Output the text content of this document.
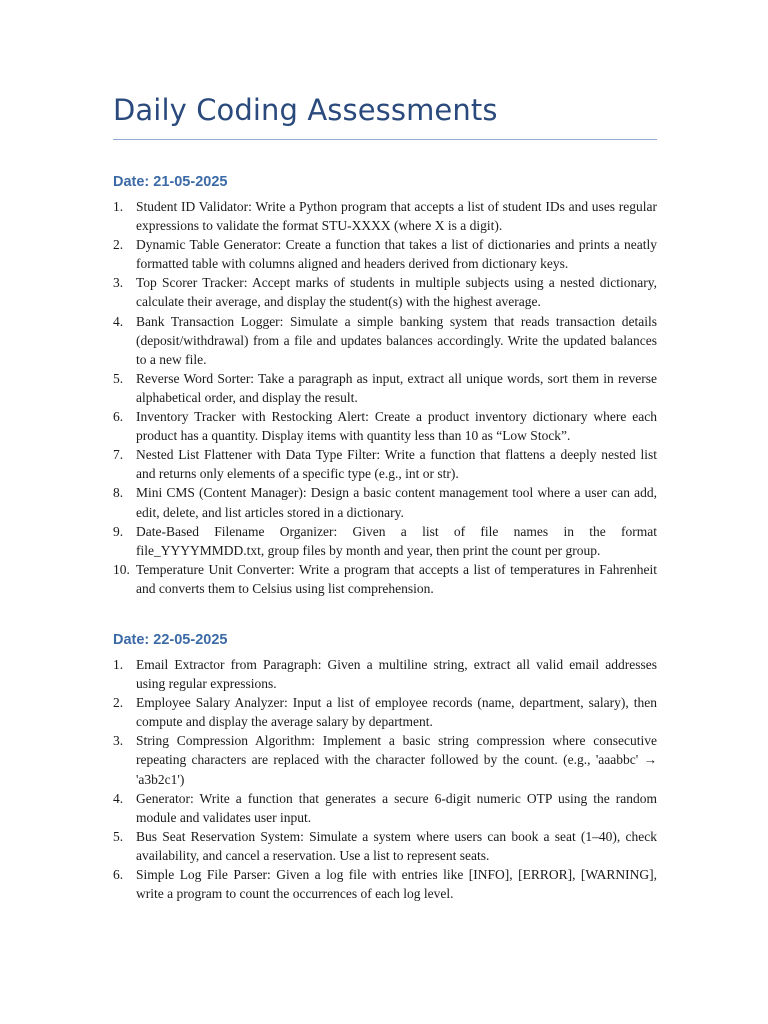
Daily Coding Assessments
Date: 21-05-2025
1. Student ID Validator: Write a Python program that accepts a list of student IDs and uses regular expressions to validate the format STU-XXXX (where X is a digit).
2. Dynamic Table Generator: Create a function that takes a list of dictionaries and prints a neatly formatted table with columns aligned and headers derived from dictionary keys.
3. Top Scorer Tracker: Accept marks of students in multiple subjects using a nested dictionary, calculate their average, and display the student(s) with the highest average.
4. Bank Transaction Logger: Simulate a simple banking system that reads transaction details (deposit/withdrawal) from a file and updates balances accordingly. Write the updated balances to a new file.
5. Reverse Word Sorter: Take a paragraph as input, extract all unique words, sort them in reverse alphabetical order, and display the result.
6. Inventory Tracker with Restocking Alert: Create a product inventory dictionary where each product has a quantity. Display items with quantity less than 10 as “Low Stock”.
7. Nested List Flattener with Data Type Filter: Write a function that flattens a deeply nested list and returns only elements of a specific type (e.g., int or str).
8. Mini CMS (Content Manager): Design a basic content management tool where a user can add, edit, delete, and list articles stored in a dictionary.
9. Date-Based Filename Organizer: Given a list of file names in the format file_YYYYMMDD.txt, group files by month and year, then print the count per group.
10. Temperature Unit Converter: Write a program that accepts a list of temperatures in Fahrenheit and converts them to Celsius using list comprehension.
Date: 22-05-2025
1. Email Extractor from Paragraph: Given a multiline string, extract all valid email addresses using regular expressions.
2. Employee Salary Analyzer: Input a list of employee records (name, department, salary), then compute and display the average salary by department.
3. String Compression Algorithm: Implement a basic string compression where consecutive repeating characters are replaced with the character followed by the count. (e.g., 'aaabbc' → 'a3b2c1')
4. Generator: Write a function that generates a secure 6-digit numeric OTP using the random module and validates user input.
5. Bus Seat Reservation System: Simulate a system where users can book a seat (1–40), check availability, and cancel a reservation. Use a list to represent seats.
6. Simple Log File Parser: Given a log file with entries like [INFO], [ERROR], [WARNING], write a program to count the occurrences of each log level.
